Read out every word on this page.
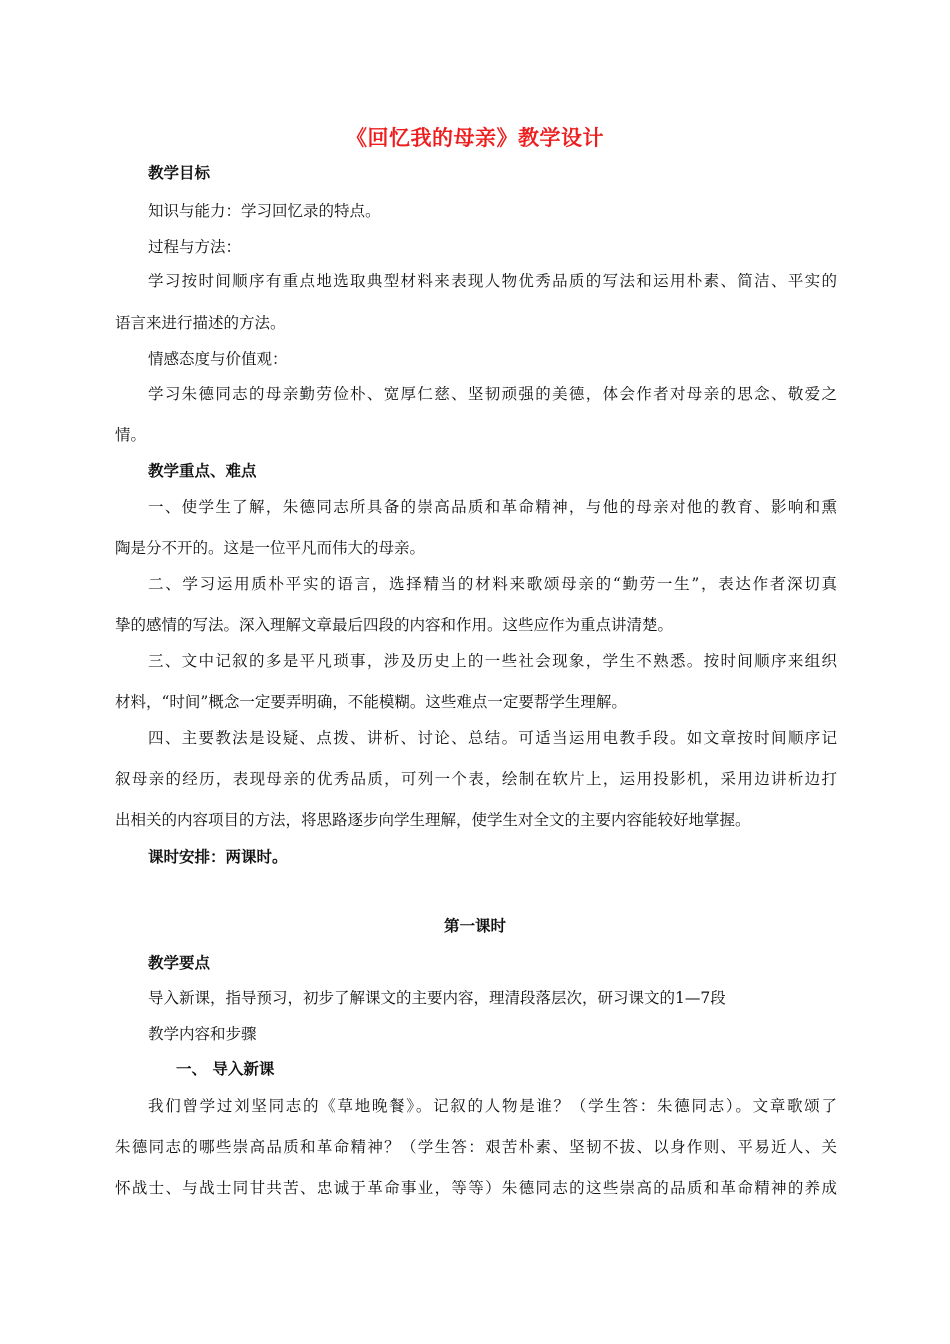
《回忆我的母亲》教学设计
教学目标
知识与能力：学习回忆录的特点。
过程与方法：
学习按时间顺序有重点地选取典型材料来表现人物优秀品质的写法和运用朴素、简洁、平实的
语言来进行描述的方法。
情感态度与价值观：
学习朱德同志的母亲勤劳俭朴、宽厚仁慈、坚韧顽强的美德，体会作者对母亲的思念、敬爱之
情。
教学重点、难点
一、使学生了解，朱德同志所具备的崇高品质和革命精神，与他的母亲对他的教育、影响和熏
陶是分不开的。这是一位平凡而伟大的母亲。
二、学习运用质朴平实的语言，选择精当的材料来歌颂母亲的“勤劳一生”，表达作者深切真
挚的感情的写法。深入理解文章最后四段的内容和作用。这些应作为重点讲清楚。
三、文中记叙的多是平凡琐事，涉及历史上的一些社会现象，学生不熟悉。按时间顺序来组织
材料，“时间”概念一定要弄明确，不能模糊。这些难点一定要帮学生理解。
四、主要教法是设疑、点拨、讲析、讨论、总结。可适当运用电教手段。如文章按时间顺序记
叙母亲的经历，表现母亲的优秀品质，可列一个表，绘制在软片上，运用投影机，采用边讲析边打
出相关的内容项目的方法，将思路逐步向学生理解，使学生对全文的主要内容能较好地掌握。
课时安排：两课时。
第一课时
教学要点
导入新课，指导预习，初步了解课文的主要内容，理清段落层次，研习课文的1—7段
教学内容和步骤
一、 导入新课
我们曾学过刘坚同志的《草地晚餐》。记叙的人物是谁？（学生答：朱德同志）。文章歌颂了
朱德同志的哪些崇高品质和革命精神？（学生答：艰苦朴素、坚韧不拔、以身作则、平易近人、关
怀战士、与战士同甘共苦、忠诚于革命事业，等等）朱德同志的这些崇高的品质和革命精神的养成
